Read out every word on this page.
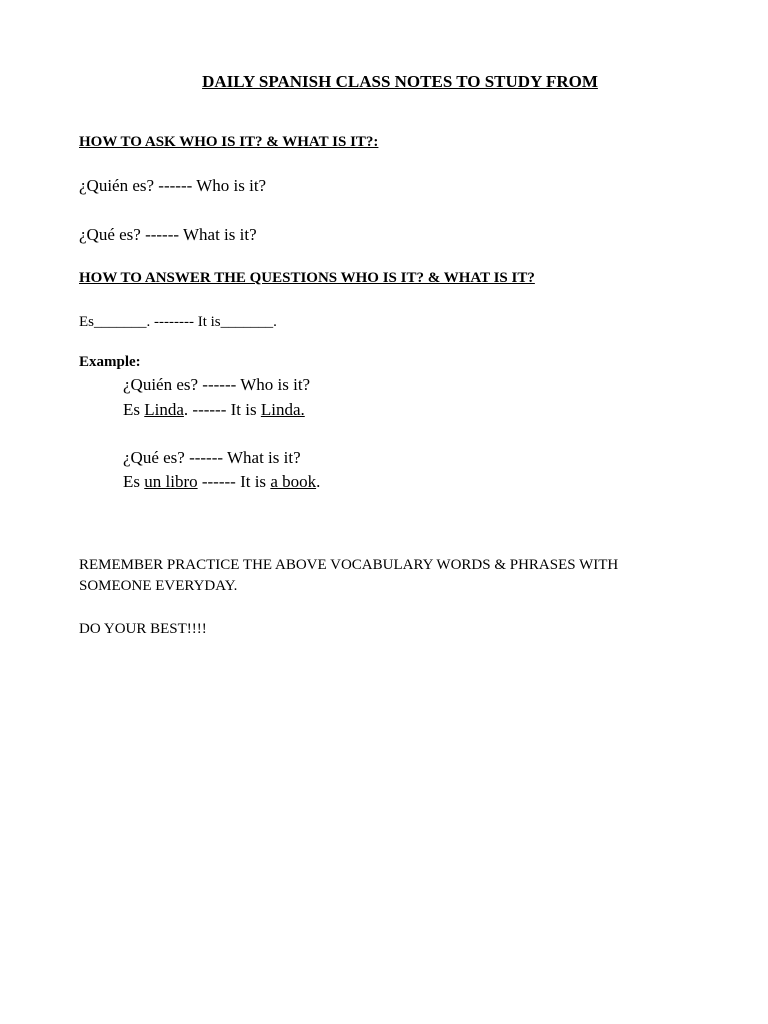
DAILY SPANISH CLASS NOTES TO STUDY FROM

HOW TO ASK WHO IS IT? & WHAT IS IT?:

¿Quién es? ------ Who is it?

¿Qué es? ------ What is it?

HOW TO ANSWER THE QUESTIONS WHO IS IT? & WHAT IS IT?

Es_______. -------- It is_______.

Example:

¿Quién es? ------ Who is it?

Es Linda. ------ It is Linda.

¿Qué es? ------ What is it?

Es un libro ------ It is a book.

REMEMBER PRACTICE THE ABOVE VOCABULARY WORDS & PHRASES WITH

SOMEONE EVERYDAY.

DO YOUR BEST!!!!
